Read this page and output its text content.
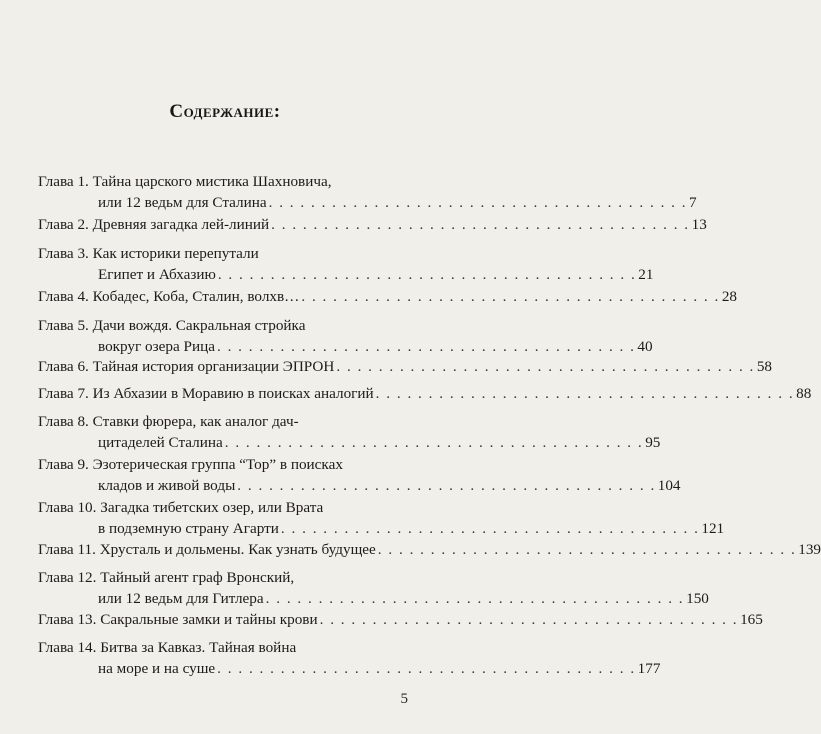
Содержание:
Глава 1.
Тайна царского мистика Шахновича,
или 12 ведьм для Сталина . . . . . . . . . . . . . . . . . . . . . . . . . . . . . . . . . . . . . . . . 7
Глава 2.
Древняя загадка лей-линий . . . . . . . . . . . . . . . . . . . . . . . . . . . . . . . . . . . . . . . . 13
Глава 3.
Как историки перепутали
Египет и Абхазию . . . . . . . . . . . . . . . . . . . . . . . . . . . . . . . . . . . . . . . . 21
Глава 4.
Кобадес, Коба, Сталин, волхв… . . . . . . . . . . . . . . . . . . . . . . . . . . . . . . . . . . . . . . . . 28
Глава 5.
Дачи вождя. Сакральная стройка
вокруг озера Рица . . . . . . . . . . . . . . . . . . . . . . . . . . . . . . . . . . . . . . . . 40
Глава 6.
Тайная история организации ЭПРОН . . . . . . . . . . . . . . . . . . . . . . . . . . . . . . . . . . . . . . . . 58
Глава 7.
Из Абхазии в Моравию в поисках аналогий . . . . . . . . . . . . . . . . . . . . . . . . . . . . . . . . . . . . . . . . 88
Глава 8.
Ставки фюрера, как аналог дач-
цитаделей Сталина . . . . . . . . . . . . . . . . . . . . . . . . . . . . . . . . . . . . . . . . 95
Глава 9.
Эзотерическая группа “Тор” в поисках
кладов и живой воды . . . . . . . . . . . . . . . . . . . . . . . . . . . . . . . . . . . . . . . . 104
Глава 10.
Загадка тибетских озер, или Врата
в подземную страну Агарти . . . . . . . . . . . . . . . . . . . . . . . . . . . . . . . . . . . . . . . . 121
Глава 11.
Хрусталь и дольмены. Как узнать будущее . . . . . . . . . . . . . . . . . . . . . . . . . . . . . . . . . . . . . . . . 139
Глава 12.
Тайный агент граф Вронский,
или 12 ведьм для Гитлера . . . . . . . . . . . . . . . . . . . . . . . . . . . . . . . . . . . . . . . . 150
Глава 13.
Сакральные замки и тайны крови . . . . . . . . . . . . . . . . . . . . . . . . . . . . . . . . . . . . . . . . 165
Глава 14.
Битва за Кавказ. Тайная война
на море и на суше . . . . . . . . . . . . . . . . . . . . . . . . . . . . . . . . . . . . . . . . 177
5
